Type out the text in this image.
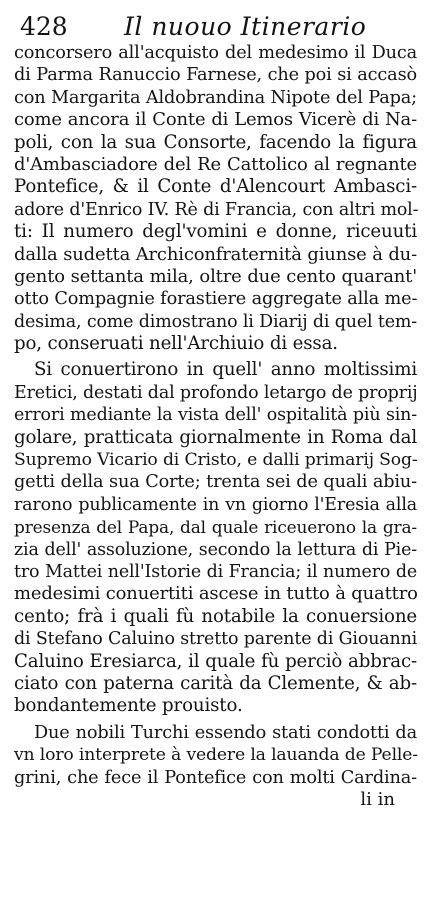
428 Il nuouo Itinerario
concorsero all'acquisto del medesimo il Duca
di Parma Ranuccio Farnese, che poi si accasò
con Margarita Aldobrandina Nipote del Papa;
come ancora il Conte di Lemos Vicerè di Na-
poli, con la sua Consorte, facendo la figura
d'Ambasciadore del Re Cattolico al regnante
Pontefice, & il Conte d'Alencourt Ambasci-
adore d'Enrico IV. Rè di Francia, con altri mol-
ti: Il numero degl'vomini e donne, riceuuti
dalla sudetta Archiconfraternità giunse à du-
gento settanta mila, oltre due cento quarant'
otto Compagnie forastiere aggregate alla me-
desima, come dimostrano li Diarij di quel tem-
po, conseruati nell'Archiuio di essa.
Si conuertirono in quell' anno moltissimi
Eretici, destati dal profondo letargo de proprij
errori mediante la vista dell' ospitalità più sin-
golare, pratticata giornalmente in Roma dal
Supremo Vicario di Cristo, e dalli primarij Sog-
getti della sua Corte; trenta sei de quali abiu-
rarono publicamente in vn giorno l'Eresia alla
presenza del Papa, dal quale riceuerono la gra-
zia dell' assoluzione, secondo la lettura di Pie-
tro Mattei nell'Istorie di Francia; il numero de
medesimi conuertiti ascese in tutto à quattro
cento; frà i quali fù notabile la conuersione
di Stefano Caluino stretto parente di Giouanni
Caluino Eresiarca, il quale fù perciò abbrac-
ciato con paterna carità da Clemente, & ab-
bondantemente prouisto.
Due nobili Turchi essendo stati condotti da
vn loro interprete à vedere la lauanda de Pelle-
grini, che fece il Pontefice con molti Cardina-
li in
